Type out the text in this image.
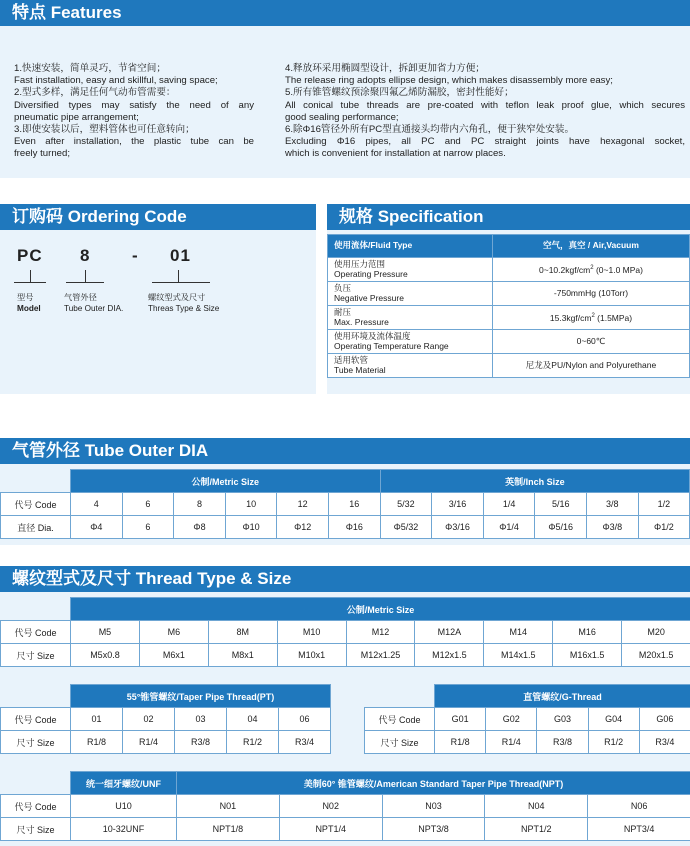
特点 Features
1.快速安装，简单灵巧，节省空间；
Fast installation, easy and skillful, saving space;
2.型式多样，满足任何气动布管需要：
Diversified types may satisfy the need of any
pneumatic pipe arrangement;
3.即使安装以后，塑料管体也可任意转向；
Even after installation, the plastic tube can be
freely turned;
4.释放环采用椭圆型设计，拆卸更加省力方便；
The release ring adopts ellipse design, which makes disassembly more easy;
5.所有锥管螺纹预涂聚四氟乙烯防漏胶，密封性能好；
All conical tube threads are pre-coated with teflon leak proof glue, which secures
good sealing performance;
6.除Φ16管径外所有PC型直通接头均带内六角孔，便于狭窄处安装。
Excluding Φ16 pipes, all PC and PC straight joints have hexagonal socket,
which is convenient for installation at narrow places.
订购码 Ordering Code
PC 8 - 01
型号
Model
气管外径
Tube Outer DIA.
螺纹型式及尺寸
Threas Type & Size
规格 Specification
使用流体/Fluid Type	空气，真空 / Air,Vacuum

使用压力范围
Operating Pressure	$0\sim 10.2kgf/cm^2$ (0~1.0 MPa)

负压
Negative Pressure	-750mmHg (10Torr)

耐压
Max. Pressure	$15.3kgf/cm^2$ (1.5MPa)

使用环境及流体温度
Operating Temperature Range	0~60℃

适用软管
Tube Material	尼龙及PU/Nylon and Polyurethane
气管外径 Tube Outer DIA
	公制/Metric Size						英制/Inch Size					
代号 Code	4	6	8	10	12	16	5/32	3/16	1/4	5/16	3/8	1/2
直径 Dia.	Φ4	6	Φ8	Φ10	Φ12	Φ16	Φ5/32	Φ3/16	Φ1/4	Φ5/16	Φ3/8	Φ1/2
螺纹型式及尺寸 Thread Type & Size
	公制/Metric Size								
代号 Code	M5	M6	8M	M10	M12	M12A	M14	M16	M20
尺寸 Size	M5x0.8	M6x1	M8x1	M10x1	M12x1.25	M12x1.5	M14x1.5	M16x1.5	M20x1.5
	55°锥管螺纹/Taper Pipe Thread(PT)				
代号 Code	01	02	03	04	06
尺寸 Size	R1/8	R1/4	R3/8	R1/2	R3/4
	直管螺纹/G-Thread				
代号 Code	G01	G02	G03	G04	G06
尺寸 Size	R1/8	R1/4	R3/8	R1/2	R3/4
	统一细牙螺纹/UNF	美制60° 锥管螺纹/American Standard Taper Pipe Thread(NPT)				
代号 Code	U10	N01	N02	N03	N04	N06
尺寸 Size	10-32UNF	NPT1/8	NPT1/4	NPT3/8	NPT1/2	NPT3/4
